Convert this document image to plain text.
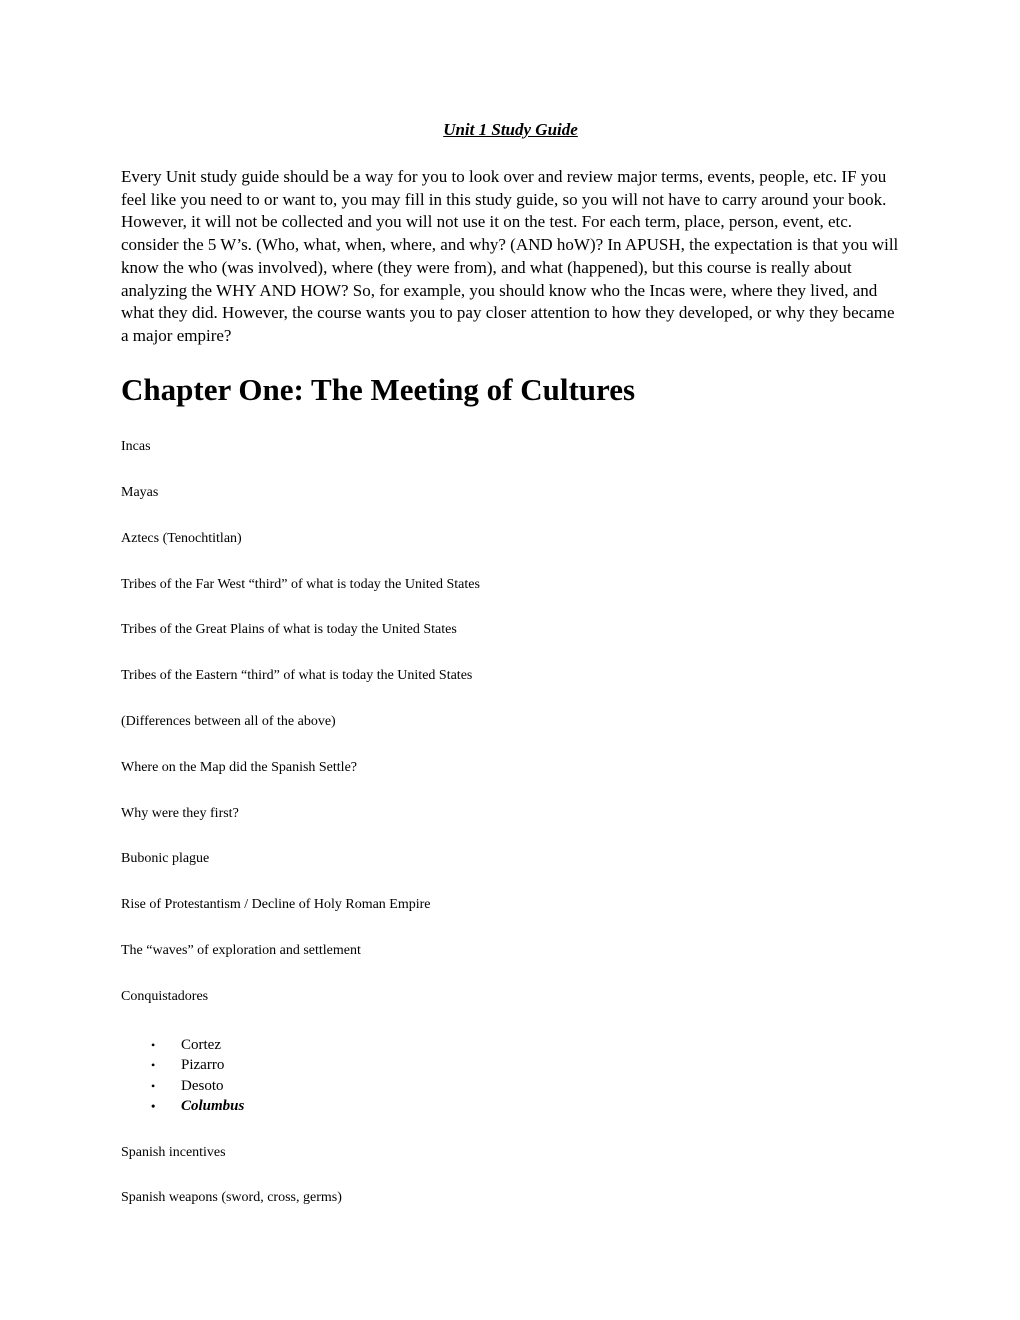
Unit 1 Study Guide

Every Unit study guide should be a way for you to look over and review major terms, events, people, etc. IF you feel like you need to or want to, you may fill in this study guide, so you will not have to carry around your book. However, it will not be collected and you will not use it on the test. For each term, place, person, event, etc. consider the 5 W’s. (Who, what, when, where, and why? (AND hoW)? In APUSH, the expectation is that you will know the who (was involved), where (they were from), and what (happened), but this course is really about analyzing the WHY AND HOW? So, for example, you should know who the Incas were, where they lived, and what they did. However, the course wants you to pay closer attention to how they developed, or why they became a major empire?

Chapter One: The Meeting of Cultures

Incas

Mayas

Aztecs (Tenochtitlan)

Tribes of the Far West “third” of what is today the United States

Tribes of the Great Plains of what is today the United States

Tribes of the Eastern “third” of what is today the United States

(Differences between all of the above)

Where on the Map did the Spanish Settle?

Why were they first?

Bubonic plague

Rise of Protestantism / Decline of Holy Roman Empire

The “waves” of exploration and settlement

Conquistadores

• Cortez
• Pizarro
• Desoto
• Columbus

Spanish incentives

Spanish weapons (sword, cross, germs)
